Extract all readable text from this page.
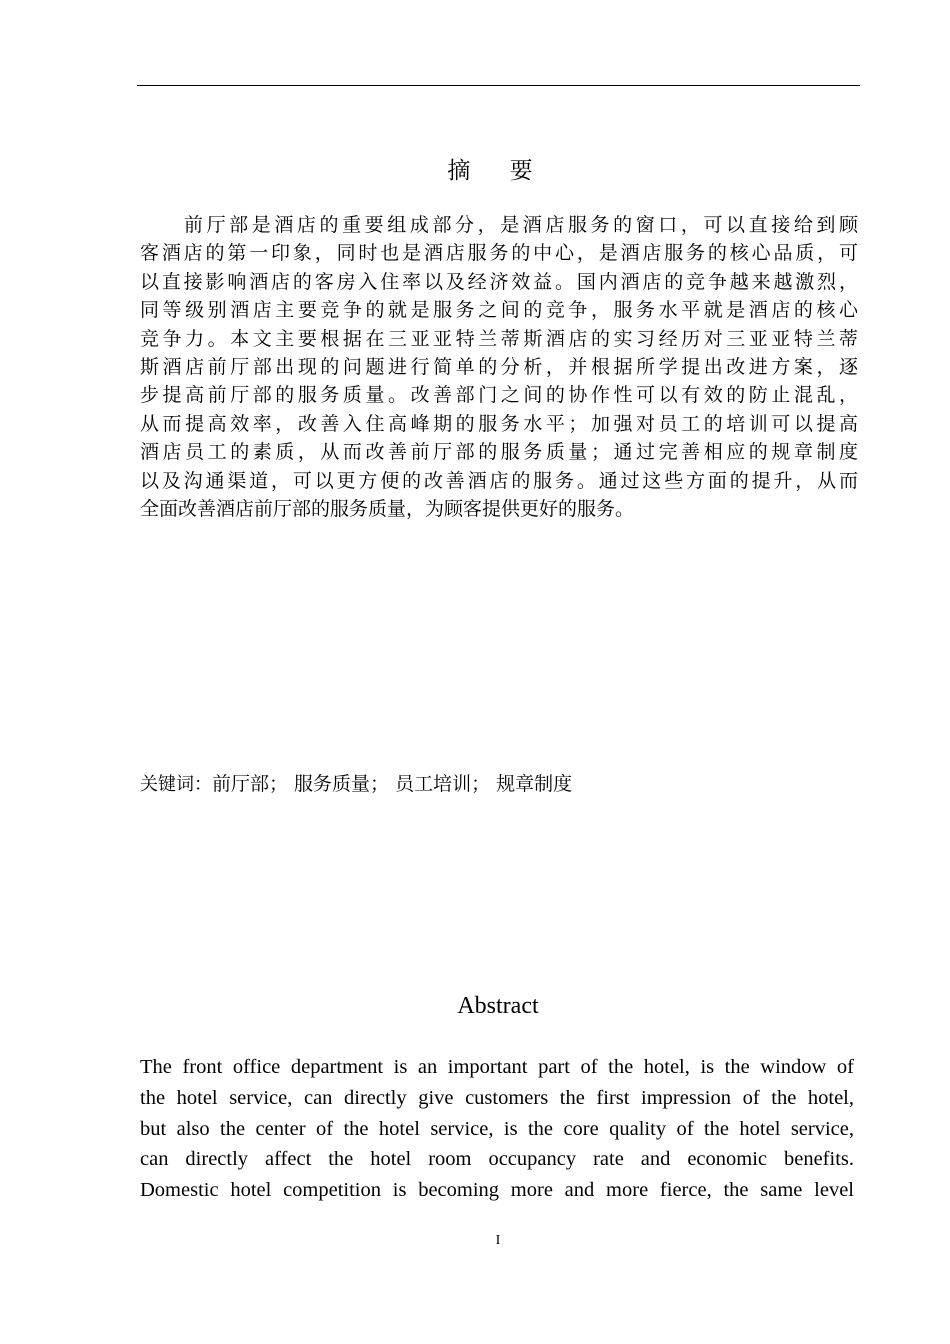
摘 要
前厅部是酒店的重要组成部分，是酒店服务的窗口，可以直接给到顾
客酒店的第一印象，同时也是酒店服务的中心，是酒店服务的核心品质，可
以直接影响酒店的客房入住率以及经济效益。国内酒店的竞争越来越激烈，
同等级别酒店主要竞争的就是服务之间的竞争，服务水平就是酒店的核心
竞争力。本文主要根据在三亚亚特兰蒂斯酒店的实习经历对三亚亚特兰蒂
斯酒店前厅部出现的问题进行简单的分析，并根据所学提出改进方案，逐
步提高前厅部的服务质量。改善部门之间的协作性可以有效的防止混乱，
从而提高效率，改善入住高峰期的服务水平；加强对员工的培训可以提高
酒店员工的素质，从而改善前厅部的服务质量；通过完善相应的规章制度
以及沟通渠道，可以更方便的改善酒店的服务。通过这些方面的提升，从而
全面改善酒店前厅部的服务质量，为顾客提供更好的服务。
关键词：前厅部； 服务质量； 员工培训； 规章制度
Abstract
The front office department is an important part of the hotel, is the window of
the hotel service, can directly give customers the first impression of the hotel,
but also the center of the hotel service, is the core quality of the hotel service,
can directly affect the hotel room occupancy rate and economic benefits.
Domestic hotel competition is becoming more and more fierce, the same level
I
